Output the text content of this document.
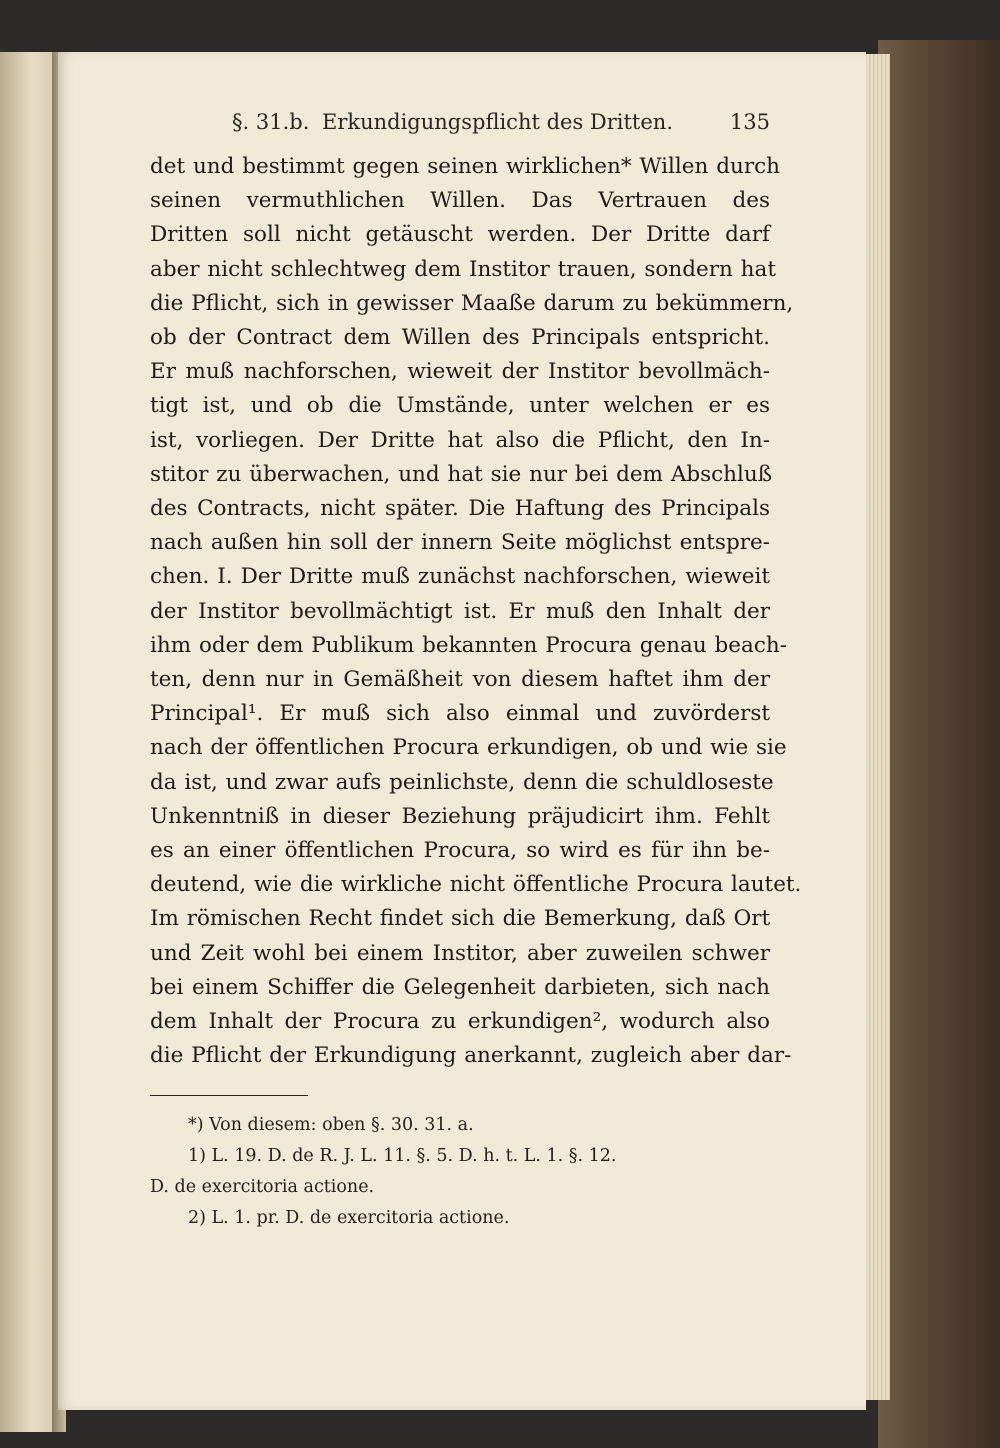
§. 31.b. Erkundigungspflicht des Dritten.	135
det und bestimmt gegen seinen wirklichen* Willen durch
seinen vermuthlichen Willen. Das Vertrauen des
Dritten soll nicht getäuscht werden. Der Dritte darf
aber nicht schlechtweg dem Institor trauen, sondern hat
die Pflicht, sich in gewisser Maaße darum zu bekümmern,
ob der Contract dem Willen des Principals entspricht.
Er muß nachforschen, wieweit der Institor bevollmäch-
tigt ist, und ob die Umstände, unter welchen er es
ist, vorliegen. Der Dritte hat also die Pflicht, den In-
stitor zu überwachen, und hat sie nur bei dem Abschluß
des Contracts, nicht später. Die Haftung des Principals
nach außen hin soll der innern Seite möglichst entspre-
chen. I. Der Dritte muß zunächst nachforschen, wieweit
der Institor bevollmächtigt ist. Er muß den Inhalt der
ihm oder dem Publikum bekannten Procura genau beach-
ten, denn nur in Gemäßheit von diesem haftet ihm der
Principal¹. Er muß sich also einmal und zuvörderst
nach der öffentlichen Procura erkundigen, ob und wie sie
da ist, und zwar aufs peinlichste, denn die schuldloseste
Unkenntniß in dieser Beziehung präjudicirt ihm. Fehlt
es an einer öffentlichen Procura, so wird es für ihn be-
deutend, wie die wirkliche nicht öffentliche Procura lautet.
Im römischen Recht findet sich die Bemerkung, daß Ort
und Zeit wohl bei einem Institor, aber zuweilen schwer
bei einem Schiffer die Gelegenheit darbieten, sich nach
dem Inhalt der Procura zu erkundigen², wodurch also
die Pflicht der Erkundigung anerkannt, zugleich aber dar-
*) Von diesem: oben §. 30. 31. a.
1) L. 19. D. de R. J. L. 11. §. 5. D. h. t. L. 1. §. 12.
D. de exercitoria actione.
2) L. 1. pr. D. de exercitoria actione.
